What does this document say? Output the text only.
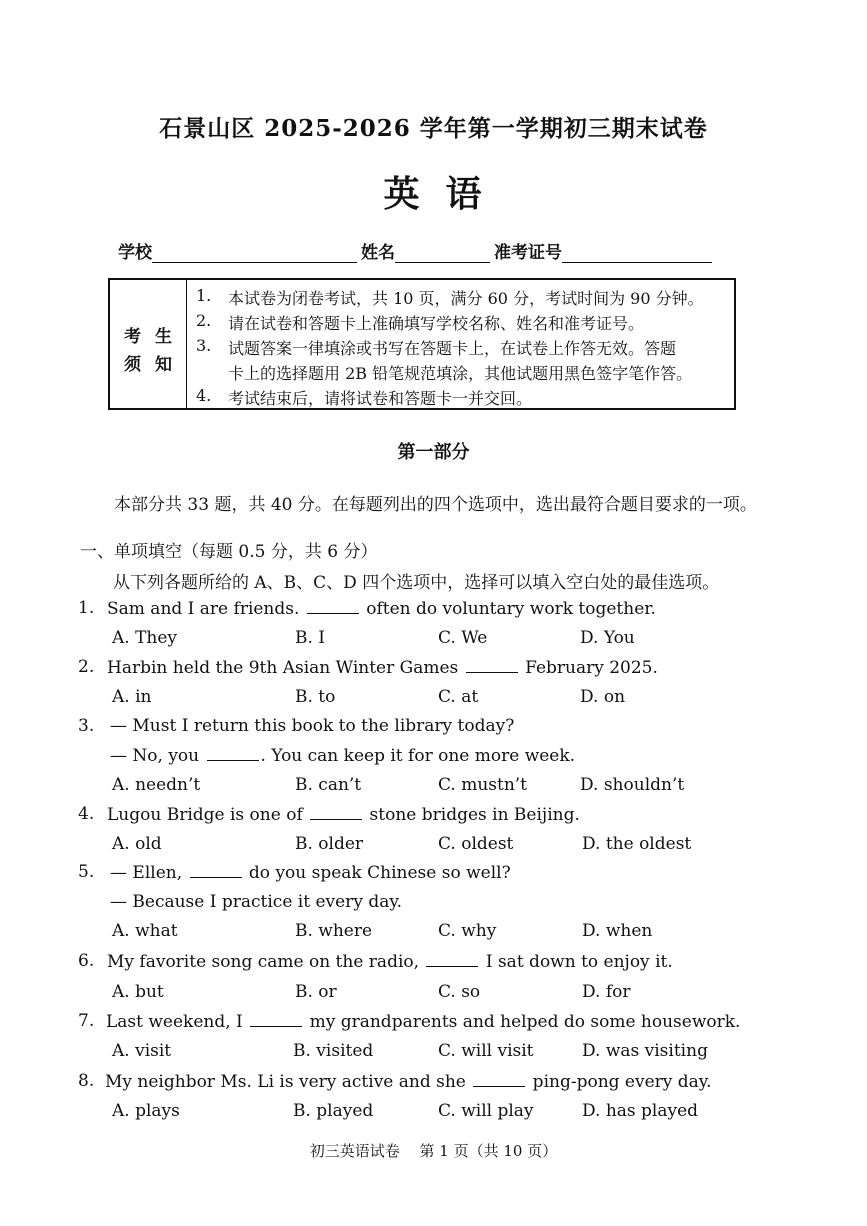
石景山区 2025-2026 学年第一学期初三期末试卷
英语
学校	姓名	准考证号
考生
须知
1. 本试卷为闭卷考试，共 10 页，满分 60 分，考试时间为 90 分钟。
2. 请在试卷和答题卡上准确填写学校名称、姓名和准考证号。
3. 试题答案一律填涂或书写在答题卡上，在试卷上作答无效。答题
卡上的选择题用 2B 铅笔规范填涂，其他试题用黑色签字笔作答。
4. 考试结束后，请将试卷和答题卡一并交回。
第一部分
本部分共 33 题，共 40 分。在每题列出的四个选项中，选出最符合题目要求的一项。
一、单项填空（每题 0.5 分，共 6 分）
从下列各题所给的 A、B、C、D 四个选项中，选择可以填入空白处的最佳选项。
1. Sam and I are friends.	often do voluntary work together.
A. They	B. I	C. We	D. You
2. Harbin held the 9th Asian Winter Games	February 2025.
A. in	B. to	C. at	D. on
3. — Must I return this book to the library today?
— No, you	. You can keep it for one more week.
A. needn’t	B. can’t	C. mustn’t	D. shouldn’t
4. Lugou Bridge is one of	stone bridges in Beijing.
A. old	B. older	C. oldest	D. the oldest
5. — Ellen,	do you speak Chinese so well?
— Because I practice it every day.
A. what	B. where	C. why	D. when
6. My favorite song came on the radio,	I sat down to enjoy it.
A. but	B. or	C. so	D. for
7. Last weekend, I	my grandparents and helped do some housework.
A. visit	B. visited	C. will visit	D. was visiting
8. My neighbor Ms. Li is very active and she	ping-pong every day.
A. plays	B. played	C. will play	D. has played
初三英语试卷　 第 1 页（共 10 页）
